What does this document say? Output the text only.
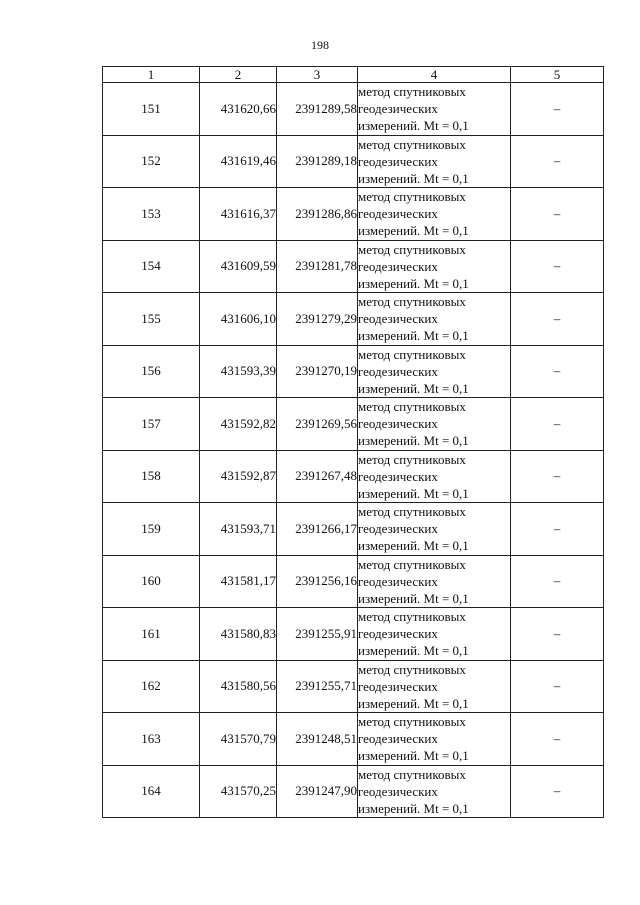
198
1	2	3	4	5
151	431620,66	2391289,58	метод спутниковых
геодезических
измерений. Mt = 0,1	–
152	431619,46	2391289,18	метод спутниковых
геодезических
измерений. Mt = 0,1	–
153	431616,37	2391286,86	метод спутниковых
геодезических
измерений. Mt = 0,1	–
154	431609,59	2391281,78	метод спутниковых
геодезических
измерений. Mt = 0,1	–
155	431606,10	2391279,29	метод спутниковых
геодезических
измерений. Mt = 0,1	–
156	431593,39	2391270,19	метод спутниковых
геодезических
измерений. Mt = 0,1	–
157	431592,82	2391269,56	метод спутниковых
геодезических
измерений. Mt = 0,1	–
158	431592,87	2391267,48	метод спутниковых
геодезических
измерений. Mt = 0,1	–
159	431593,71	2391266,17	метод спутниковых
геодезических
измерений. Mt = 0,1	–
160	431581,17	2391256,16	метод спутниковых
геодезических
измерений. Mt = 0,1	–
161	431580,83	2391255,91	метод спутниковых
геодезических
измерений. Mt = 0,1	–
162	431580,56	2391255,71	метод спутниковых
геодезических
измерений. Mt = 0,1	–
163	431570,79	2391248,51	метод спутниковых
геодезических
измерений. Mt = 0,1	–
164	431570,25	2391247,90	метод спутниковых
геодезических
измерений. Mt = 0,1	–
